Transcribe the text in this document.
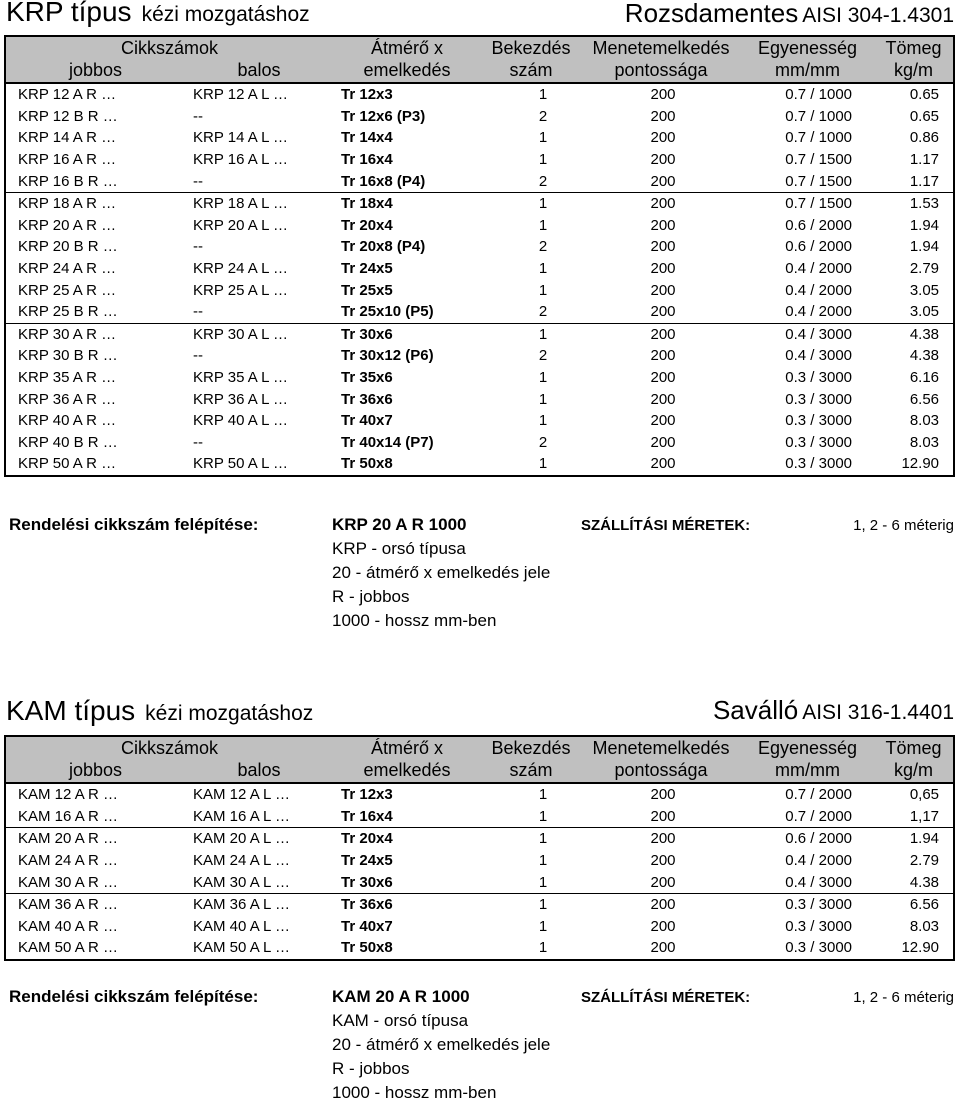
KRP típus kézi mozgatáshoz	Rozsdamentes AISI 304-1.4301
Cikkszámok		Átmérő x	Bekezdés	Menetemelkedés	Egyenesség	Tömeg
jobbos	balos	emelkedés	szám	pontossága	mm/mm	kg/m
KRP 12 A R …	KRP 12 A L …	Tr 12x3	1	200	0.7 / 1000	0.65
KRP 12 B R …	--	Tr 12x6 (P3)	2	200	0.7 / 1000	0.65
KRP 14 A R …	KRP 14 A L …	Tr 14x4	1	200	0.7 / 1000	0.86
KRP 16 A R …	KRP 16 A L …	Tr 16x4	1	200	0.7 / 1500	1.17
KRP 16 B R …	--	Tr 16x8 (P4)	2	200	0.7 / 1500	1.17
KRP 18 A R …	KRP 18 A L …	Tr 18x4	1	200	0.7 / 1500	1.53
KRP 20 A R …	KRP 20 A L …	Tr 20x4	1	200	0.6 / 2000	1.94
KRP 20 B R …	--	Tr 20x8 (P4)	2	200	0.6 / 2000	1.94
KRP 24 A R …	KRP 24 A L …	Tr 24x5	1	200	0.4 / 2000	2.79
KRP 25 A R …	KRP 25 A L …	Tr 25x5	1	200	0.4 / 2000	3.05
KRP 25 B R …	--	Tr 25x10 (P5)	2	200	0.4 / 2000	3.05
KRP 30 A R …	KRP 30 A L …	Tr 30x6	1	200	0.4 / 3000	4.38
KRP 30 B R …	--	Tr 30x12 (P6)	2	200	0.4 / 3000	4.38
KRP 35 A R …	KRP 35 A L …	Tr 35x6	1	200	0.3 / 3000	6.16
KRP 36 A R …	KRP 36 A L …	Tr 36x6	1	200	0.3 / 3000	6.56
KRP 40 A R …	KRP 40 A L …	Tr 40x7	1	200	0.3 / 3000	8.03
KRP 40 B R …	--	Tr 40x14 (P7)	2	200	0.3 / 3000	8.03
KRP 50 A R …	KRP 50 A L …	Tr 50x8	1	200	0.3 / 3000	12.90
Rendelési cikkszám felépítése:	KRP 20 A R 1000	SZÁLLÍTÁSI MÉRETEK:	1, 2 - 6 méterig
KRP - orsó típusa
20 - átmérő x emelkedés jele
R - jobbos
1000 - hossz mm-ben
KAM típus kézi mozgatáshoz	Saválló AISI 316-1.4401
Cikkszámok		Átmérő x	Bekezdés	Menetemelkedés	Egyenesség	Tömeg
jobbos	balos	emelkedés	szám	pontossága	mm/mm	kg/m
KAM 12 A R …	KAM 12 A L …	Tr 12x3	1	200	0.7 / 2000	0,65
KAM 16 A R …	KAM 16 A L …	Tr 16x4	1	200	0.7 / 2000	1,17
KAM 20 A R …	KAM 20 A L …	Tr 20x4	1	200	0.6 / 2000	1.94
KAM 24 A R …	KAM 24 A L …	Tr 24x5	1	200	0.4 / 2000	2.79
KAM 30 A R …	KAM 30 A L …	Tr 30x6	1	200	0.4 / 3000	4.38
KAM 36 A R …	KAM 36 A L …	Tr 36x6	1	200	0.3 / 3000	6.56
KAM 40 A R …	KAM 40 A L …	Tr 40x7	1	200	0.3 / 3000	8.03
KAM 50 A R …	KAM 50 A L …	Tr 50x8	1	200	0.3 / 3000	12.90
Rendelési cikkszám felépítése:	KAM 20 A R 1000	SZÁLLÍTÁSI MÉRETEK:	1, 2 - 6 méterig
KAM - orsó típusa
20 - átmérő x emelkedés jele
R - jobbos
1000 - hossz mm-ben
